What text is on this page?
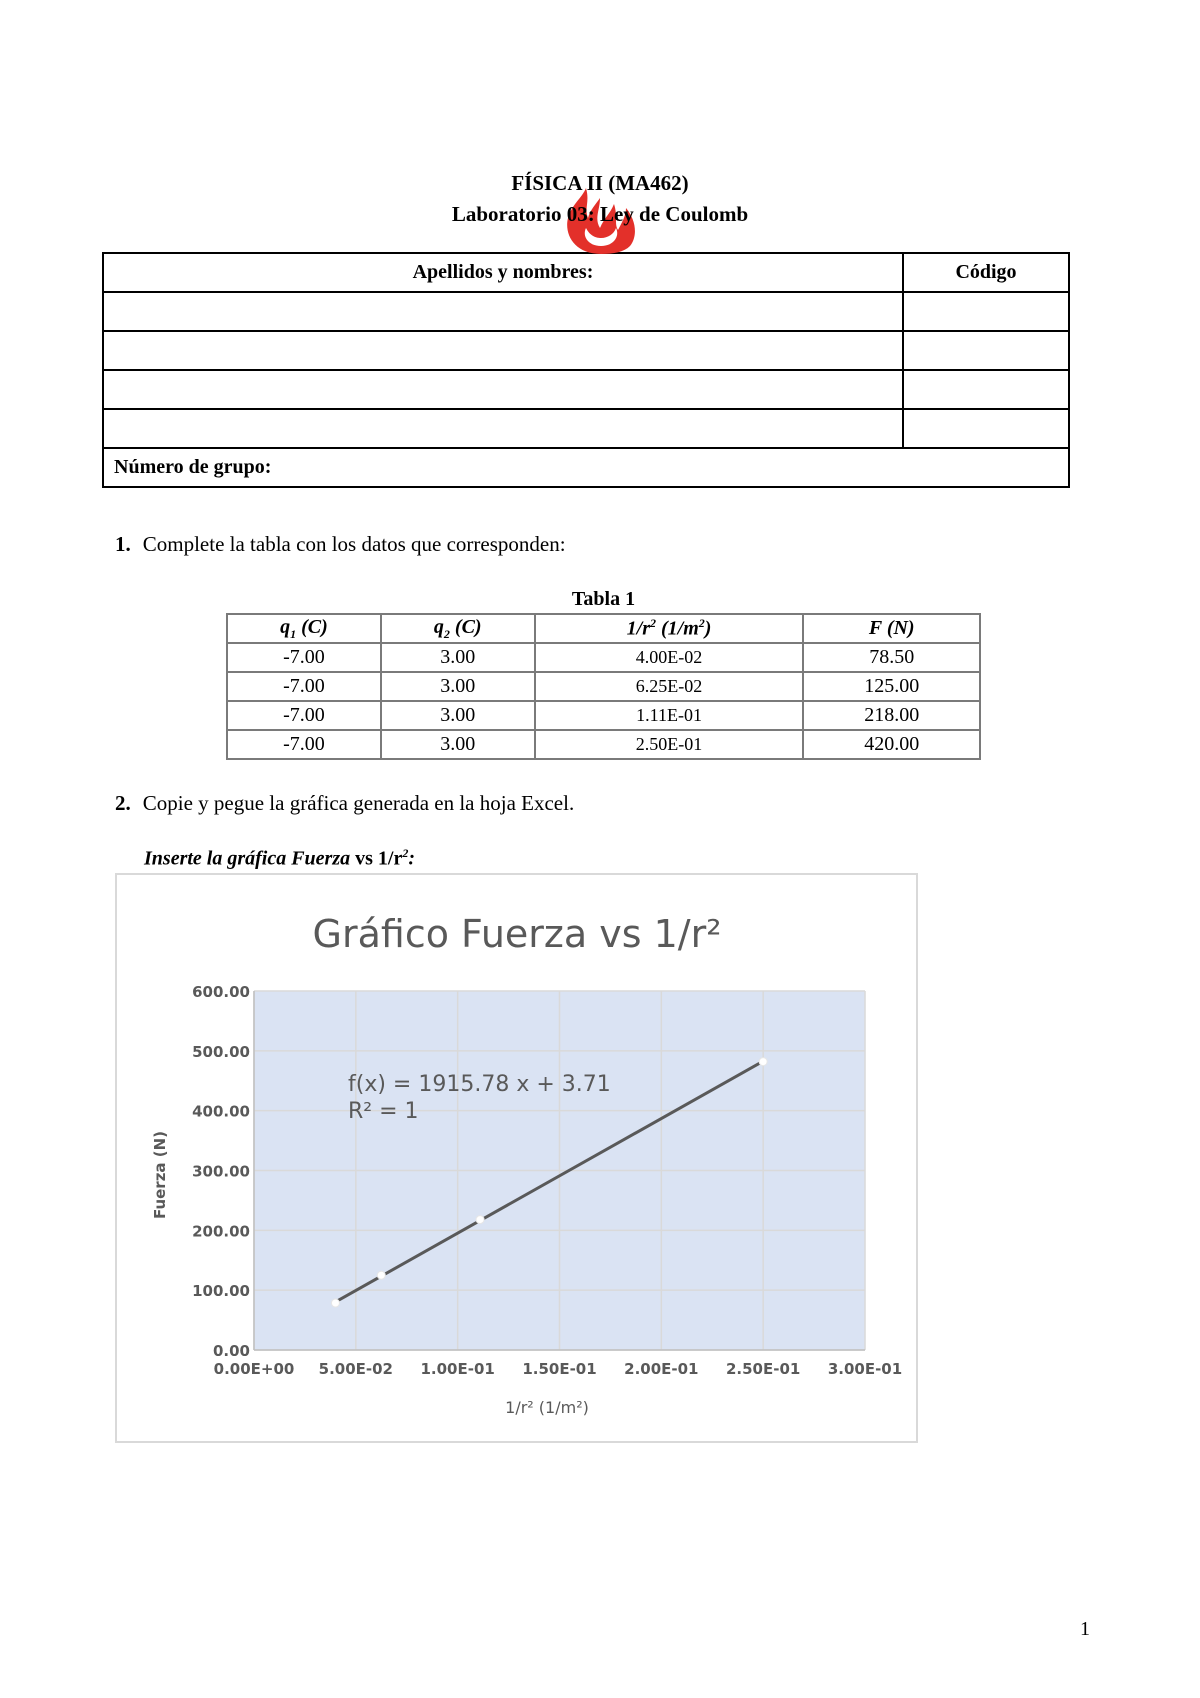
FÍSICA II (MA462)
Laboratorio 03: Ley de Coulomb
Apellidos y nombres:	Código

Número de grupo:	
1. Complete la tabla con los datos que corresponden:
Tabla 1
$q_1$ (C)	$q_2$ (C)	$1/r^2$ $(1/m^2)$	F (N)
-7.00	3.00	4.00E-02	78.50
-7.00	3.00	6.25E-02	125.00
-7.00	3.00	1.11E-01	218.00
-7.00	3.00	2.50E-01	420.00
2. Copie y pegue la gráfica generada en la hoja Excel.
Inserte la gráfica Fuerza vs $1/r^2$:
Gráfico Fuerza vs 1/r²
0.00E+00 5.00E-02 1.00E-01 1.50E-01 2.00E-01 2.50E-01 3.00E-01
0.00
100.00
200.00
300.00
400.00
500.00
600.00
f(x) = 1915.78 x + 3.71
R² = 1
1/r² (1/m²)
Fuerza (N)
1
